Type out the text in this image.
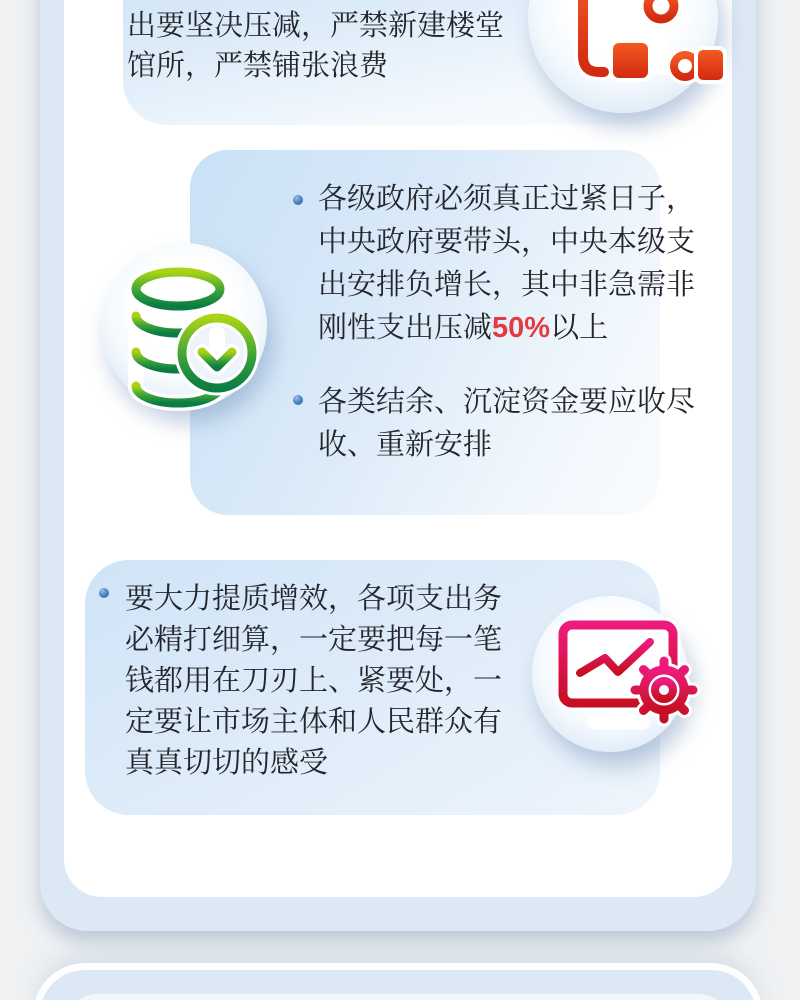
出要坚决压减，严禁新建楼堂
馆所，严禁铺张浪费
各级政府必须真正过紧日子，
中央政府要带头，中央本级支
出安排负增长，其中非急需非
刚性支出压减50%以上
各类结余、沉淀资金要应收尽
收、重新安排
要大力提质增效，各项支出务
必精打细算，一定要把每一笔
钱都用在刀刃上、紧要处，一
定要让市场主体和人民群众有
真真切切的感受
